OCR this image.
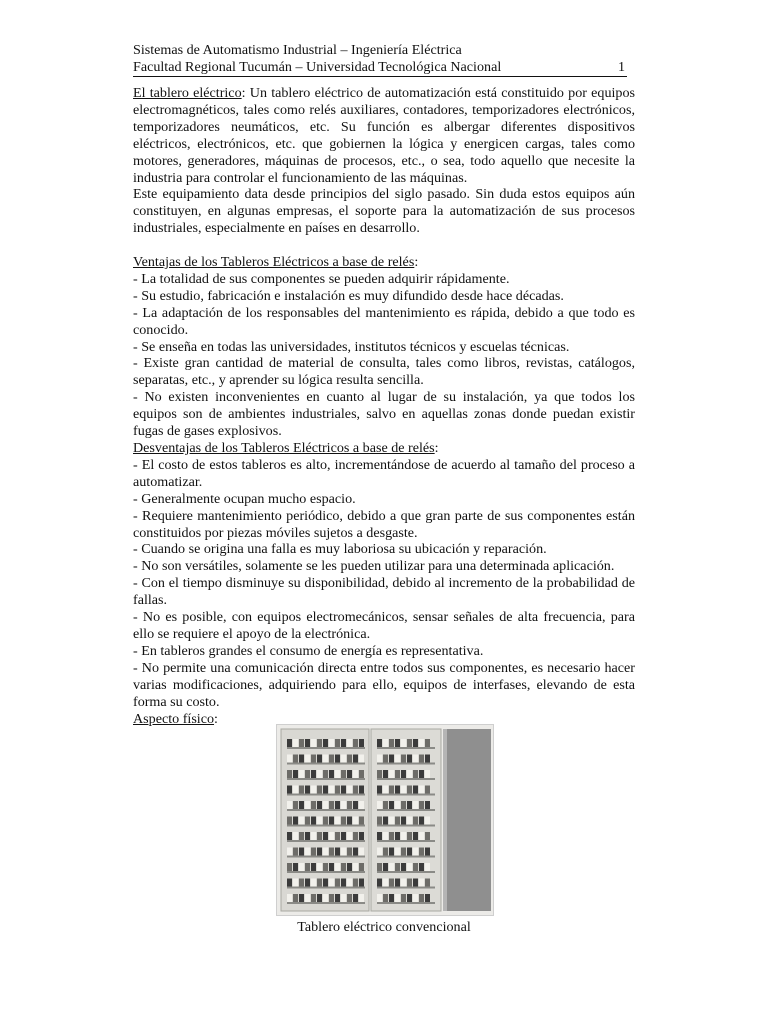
Sistemas de Automatismo Industrial – Ingeniería Eléctrica
Facultad Regional Tucumán – Universidad Tecnológica Nacional	1

El tablero eléctrico: Un tablero eléctrico de automatización está constituido por equipos electromagnéticos, tales como relés auxiliares, contadores, temporizadores electrónicos, temporizadores neumáticos, etc. Su función es albergar diferentes dispositivos eléctricos, electrónicos, etc. que gobiernen la lógica y energicen cargas, tales como motores, generadores, máquinas de procesos, etc., o sea, todo aquello que necesite la industria para controlar el funcionamiento de las máquinas.

Este equipamiento data desde principios del siglo pasado. Sin duda estos equipos aún constituyen, en algunas empresas, el soporte para la automatización de sus procesos industriales, especialmente en países en desarrollo.

Ventajas de los Tableros Eléctricos a base de relés:

- La totalidad de sus componentes se pueden adquirir rápidamente.

- Su estudio, fabricación e instalación es muy difundido desde hace décadas.

- La adaptación de los responsables del mantenimiento es rápida, debido a que todo es conocido.

- Se enseña en todas las universidades, institutos técnicos y escuelas técnicas.

- Existe gran cantidad de material de consulta, tales como libros, revistas, catálogos, separatas, etc., y aprender su lógica resulta sencilla.

- No existen inconvenientes en cuanto al lugar de su instalación, ya que todos los equipos son de ambientes industriales, salvo en aquellas zonas donde puedan existir fugas de gases explosivos.

Desventajas de los Tableros Eléctricos a base de relés:

- El costo de estos tableros es alto, incrementándose de acuerdo al tamaño del proceso a automatizar.

- Generalmente ocupan mucho espacio.

- Requiere mantenimiento periódico, debido a que gran parte de sus componentes están constituidos por piezas móviles sujetos a desgaste.

- Cuando se origina una falla es muy laboriosa su ubicación y reparación.

- No son versátiles, solamente se les pueden utilizar para una determinada aplicación.

- Con el tiempo disminuye su disponibilidad, debido al incremento de la probabilidad de fallas.

- No es posible, con equipos electromecánicos, sensar señales de alta frecuencia, para ello se requiere el apoyo de la electrónica.

- En tableros grandes el consumo de energía es representativa.

- No permite una comunicación directa entre todos sus componentes, es necesario hacer varias modificaciones, adquiriendo para ello, equipos de interfases, elevando de esta forma su costo.

Aspecto físico:

Tablero eléctrico convencional
